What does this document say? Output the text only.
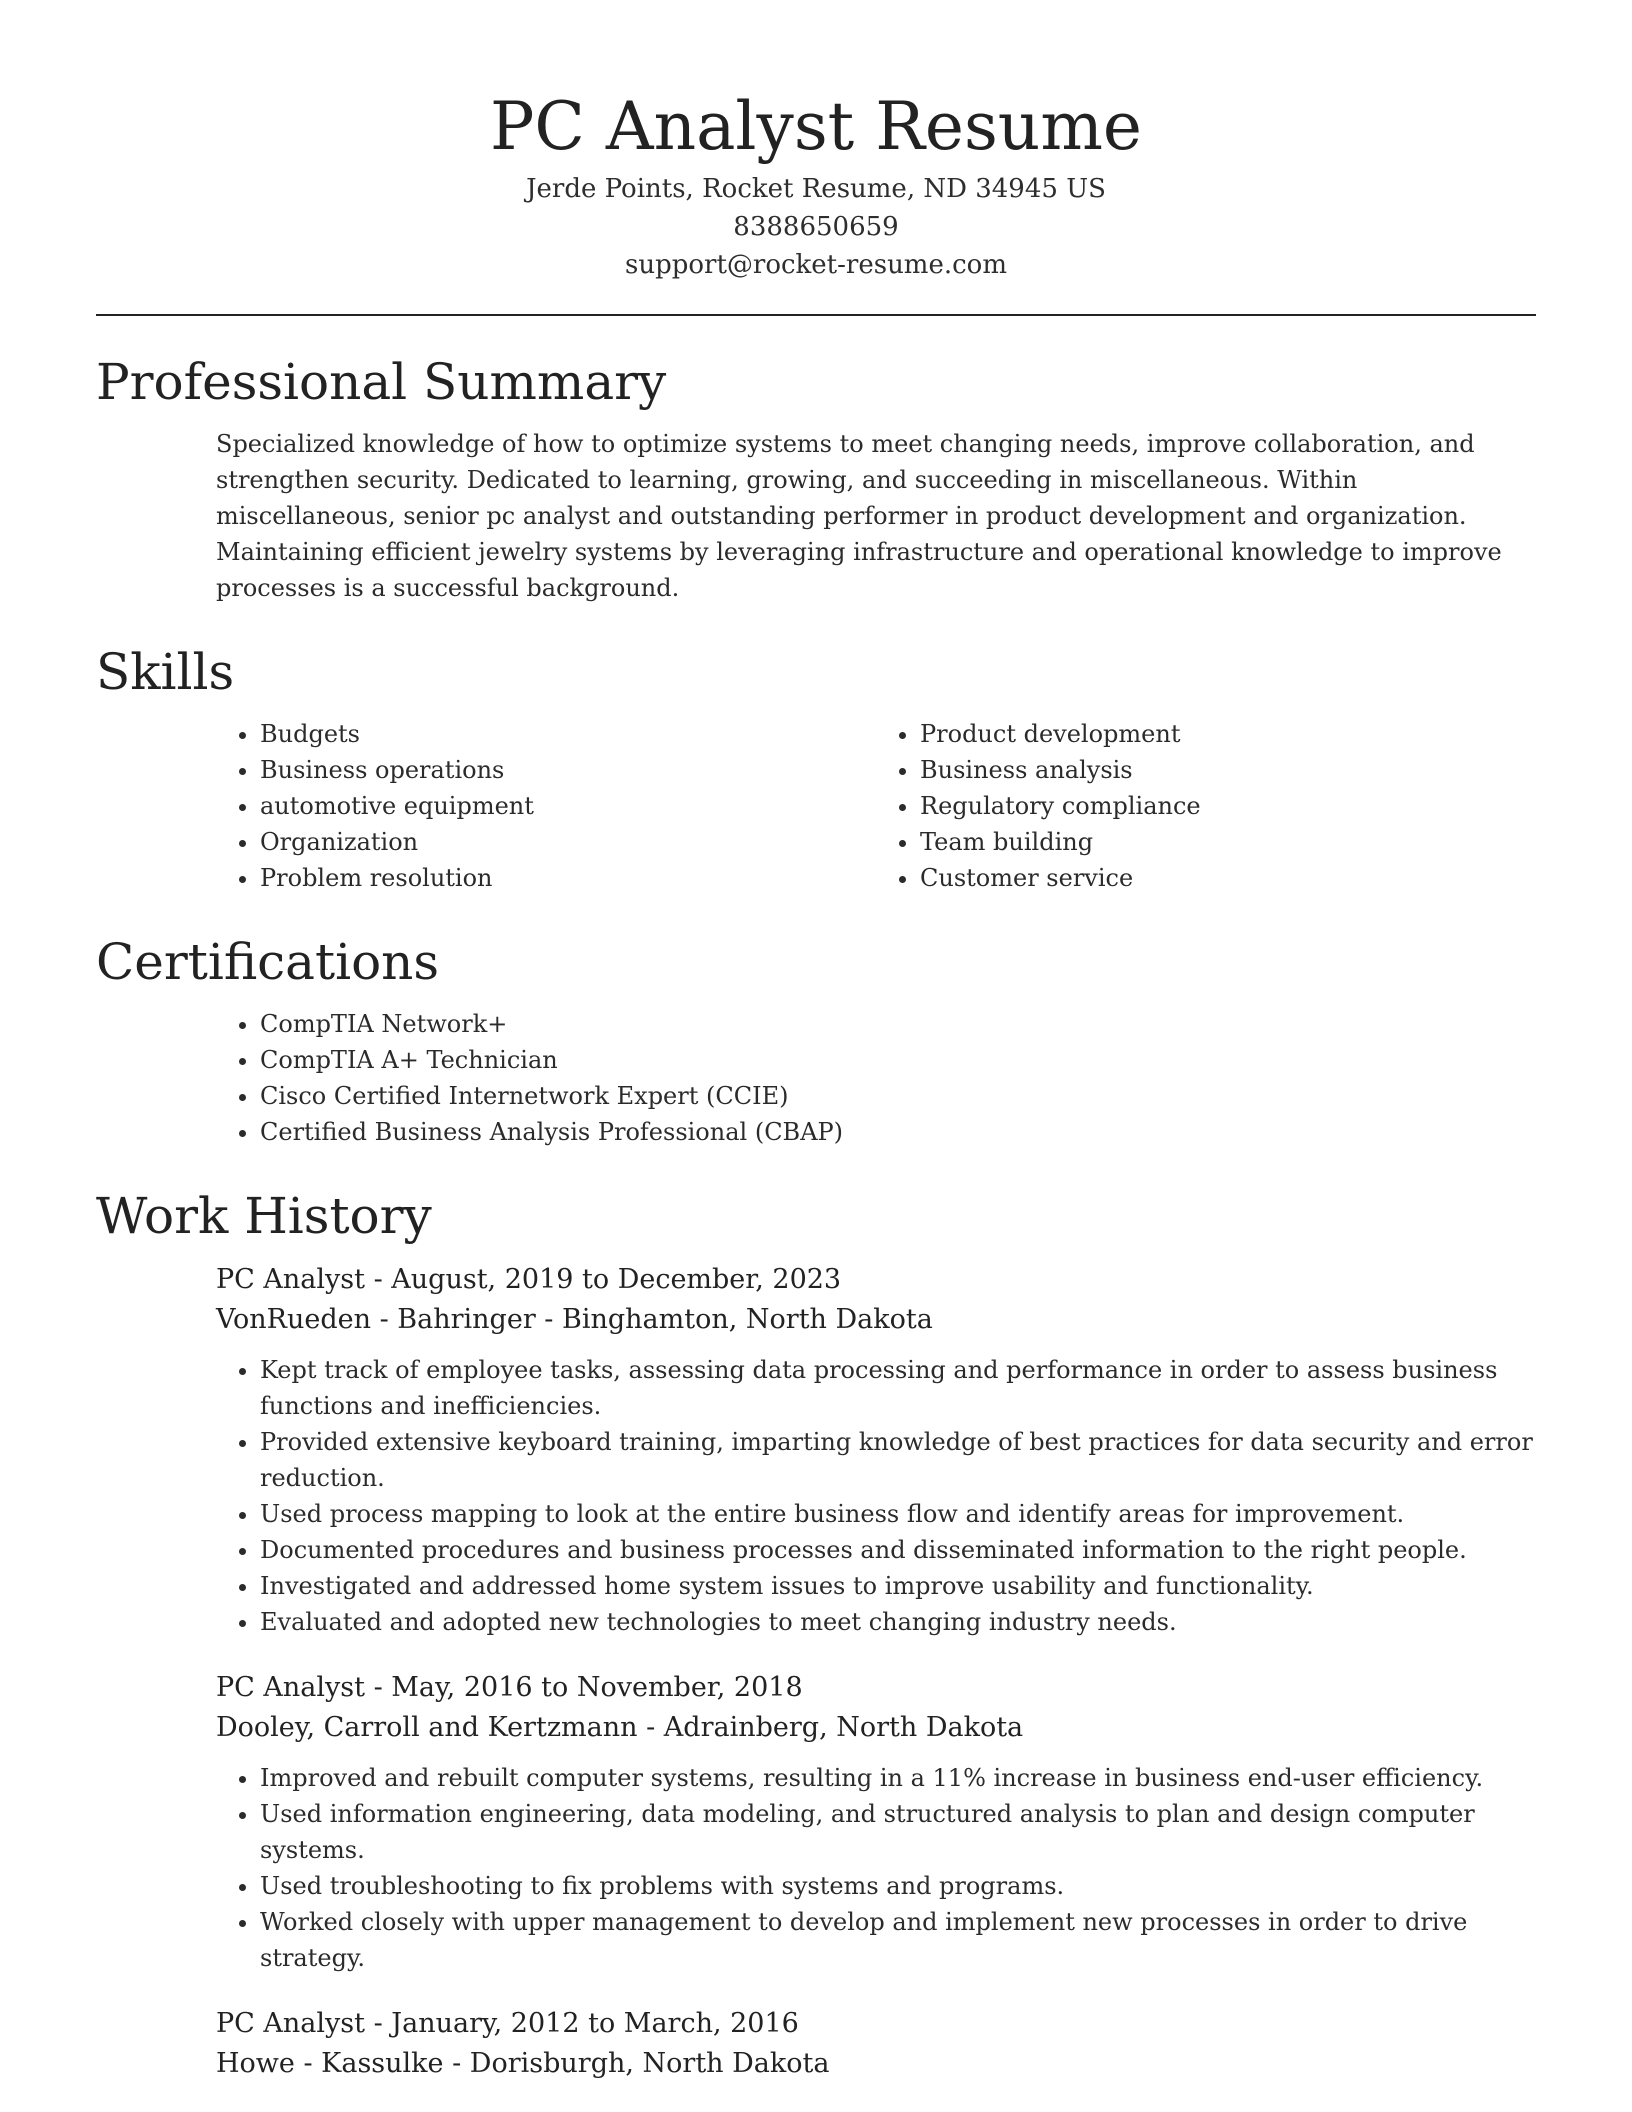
PC Analyst Resume
Jerde Points, Rocket Resume, ND 34945 US
8388650659
support@rocket-resume.com
Professional Summary

Specialized knowledge of how to optimize systems to meet changing needs, improve collaboration, and strengthen security. Dedicated to learning, growing, and succeeding in miscellaneous. Within miscellaneous, senior pc analyst and outstanding performer in product development and organization. Maintaining efficient jewelry systems by leveraging infrastructure and operational knowledge to improve processes is a successful background.

Skills
• Budgets
• Business operations
• automotive equipment
• Organization
• Problem resolution
• Product development
• Business analysis
• Regulatory compliance
• Team building
• Customer service
Certifications
• CompTIA Network+
• CompTIA A+ Technician
• Cisco Certified Internetwork Expert (CCIE)
• Certified Business Analysis Professional (CBAP)
Work History
PC Analyst - August, 2019 to December, 2023
VonRueden - Bahringer - Binghamton, North Dakota
• Kept track of employee tasks, assessing data processing and performance in order to assess business functions and inefficiencies.
• Provided extensive keyboard training, imparting knowledge of best practices for data security and error reduction.
• Used process mapping to look at the entire business flow and identify areas for improvement.
• Documented procedures and business processes and disseminated information to the right people.
• Investigated and addressed home system issues to improve usability and functionality.
• Evaluated and adopted new technologies to meet changing industry needs.
PC Analyst - May, 2016 to November, 2018
Dooley, Carroll and Kertzmann - Adrainberg, North Dakota
• Improved and rebuilt computer systems, resulting in a 11% increase in business end-user efficiency.
• Used information engineering, data modeling, and structured analysis to plan and design computer systems.
• Used troubleshooting to fix problems with systems and programs.
• Worked closely with upper management to develop and implement new processes in order to drive strategy.
PC Analyst - January, 2012 to March, 2016
Howe - Kassulke - Dorisburgh, North Dakota
